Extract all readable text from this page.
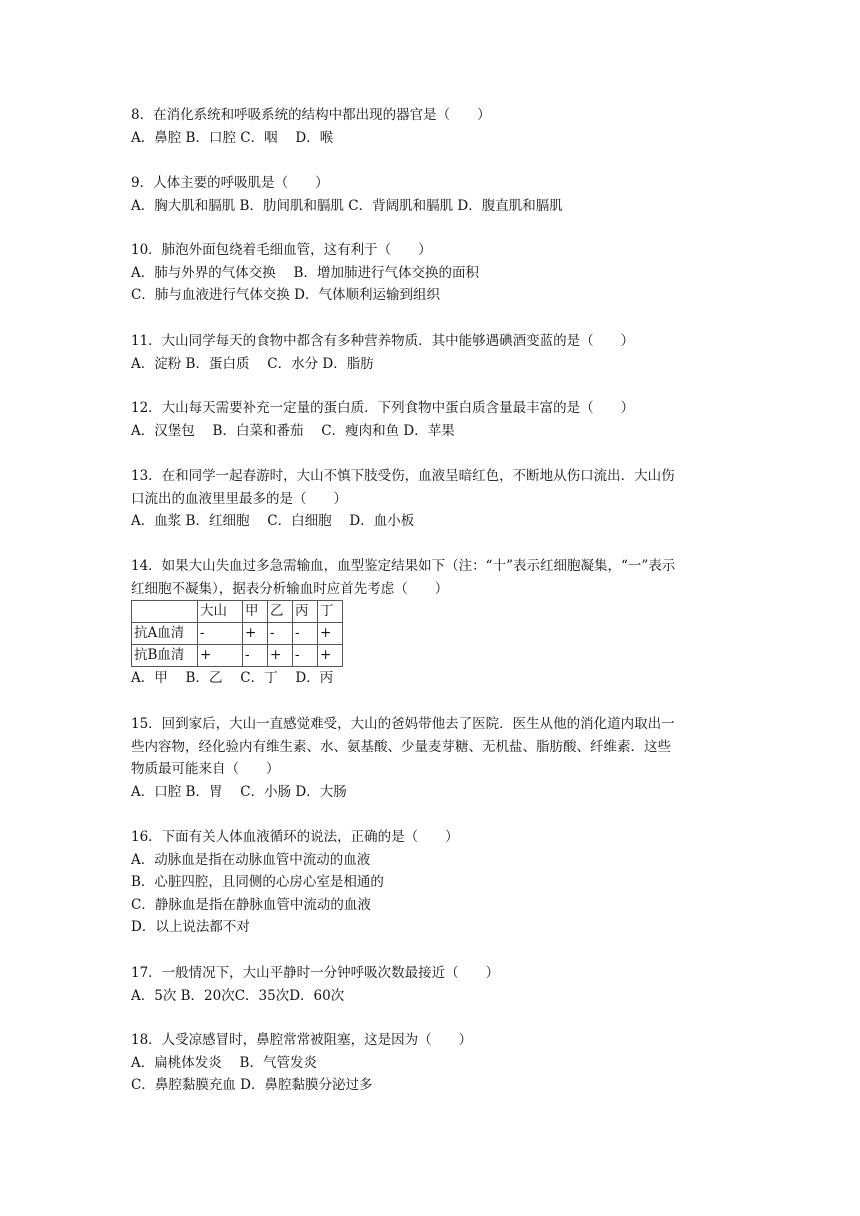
8．在消化系统和呼吸系统的结构中都出现的器官是（　　）
A．鼻腔 B．口腔 C．咽　 D．喉
9．人体主要的呼吸肌是（　　）
A．胸大肌和膈肌 B．肋间肌和膈肌 C．背阔肌和膈肌 D．腹直肌和膈肌
10．肺泡外面包绕着毛细血管，这有利于（　　）
A．肺与外界的气体交换　 B．增加肺进行气体交换的面积
C．肺与血液进行气体交换 D．气体顺利运输到组织
11．大山同学每天的食物中都含有多种营养物质．其中能够遇碘酒变蓝的是（　　）
A．淀粉 B．蛋白质　 C．水分 D．脂肪
12．大山每天需要补充一定量的蛋白质．下列食物中蛋白质含量最丰富的是（　　）
A．汉堡包　 B．白菜和番茄　 C．瘦肉和鱼 D．苹果
13．在和同学一起春游时，大山不慎下肢受伤，血液呈暗红色，不断地从伤口流出．大山伤
口流出的血液里里最多的是（　　）
A．血浆 B．红细胞　 C．白细胞　 D．血小板
14．如果大山失血过多急需输血，血型鉴定结果如下（注：“十”表示红细胞凝集，“一”表示
红细胞不凝集），据表分析输血时应首先考虑（　　）
	大山	甲	乙	丙	丁
抗A血清	-	+	-	-	+
抗B血清	+	-	+	-	+
A．甲　 B．乙　 C．丁　 D．丙
15．回到家后，大山一直感觉难受，大山的爸妈带他去了医院．医生从他的消化道内取出一
些内容物，经化验内有维生素、水、氨基酸、少量麦芽糖、无机盐、脂肪酸、纤维素．这些
物质最可能来自（　　）
A．口腔 B．胃　 C．小肠 D．大肠
16．下面有关人体血液循环的说法，正确的是（　　）
A．动脉血是指在动脉血管中流动的血液
B．心脏四腔，且同侧的心房心室是相通的
C．静脉血是指在静脉血管中流动的血液
D．以上说法都不对
17．一般情况下，大山平静时一分钟呼吸次数最接近（　　）
A．5次 B．20次C．35次D．60次
18．人受凉感冒时，鼻腔常常被阻塞，这是因为（　　）
A．扁桃体发炎　 B．气管发炎
C．鼻腔黏膜充血 D．鼻腔黏膜分泌过多
